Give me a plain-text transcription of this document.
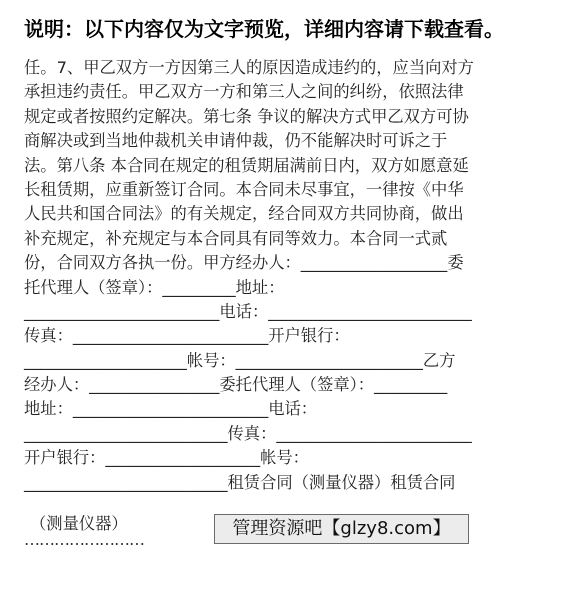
说明：以下内容仅为文字预览，详细内容请下载查看。
任。7、甲乙双方一方因第三人的原因造成违约的，应当向对方
承担违约责任。甲乙双方一方和第三人之间的纠纷，依照法律
规定或者按照约定解决。第七条 争议的解决方式甲乙双方可协
商解决或到当地仲裁机关申请仲裁，仍不能解决时可诉之于
法。第八条 本合同在规定的租赁期届满前日内，双方如愿意延
长租赁期，应重新签订合同。本合同未尽事宜，一律按《中华
人民共和国合同法》的有关规定，经合同双方共同协商，做出
补充规定，补充规定与本合同具有同等效力。本合同一式贰
份，合同双方各执一份。甲方经办人：__________________委
托代理人（签章）：_________地址：
________________________电话：_________________________
传真：________________________开户银行：
____________________帐号：_______________________乙方
经办人：________________委托代理人（签章）：_________
地址：________________________电话：
_________________________传真：________________________
开户银行：___________________帐号：
_________________________租赁合同（测量仪器）租赁合同
（测量仪器）
……………………
管理资源吧【glzy8.com】
